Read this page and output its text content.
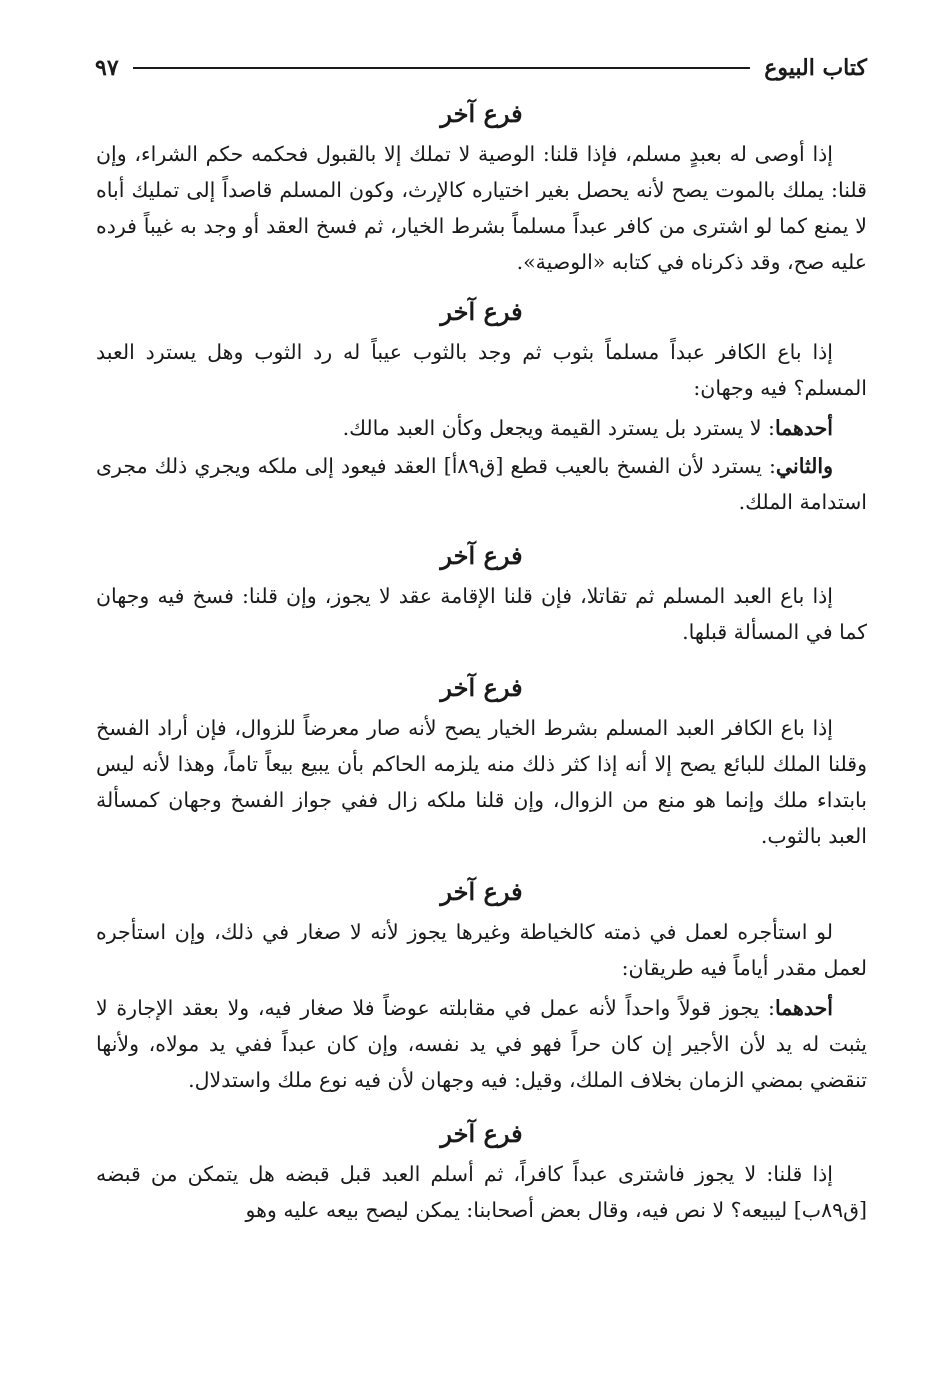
كتاب البيوع
٩٧
فرع آخر

إذا أوصى له بعبدٍ مسلم، فإذا قلنا: الوصية لا تملك إلا بالقبول فحكمه حكم الشراء، وإن قلنا: يملك بالموت يصح لأنه يحصل بغير اختياره كالإرث، وكون المسلم قاصداً إلى تمليك أباه لا يمنع كما لو اشترى من كافر عبداً مسلماً بشرط الخيار، ثم فسخ العقد أو وجد به غيباً فرده عليه صح، وقد ذكرناه في كتابه «الوصية».

فرع آخر

إذا باع الكافر عبداً مسلماً بثوب ثم وجد بالثوب عيباً له رد الثوب وهل يسترد العبد المسلم؟ فيه وجهان:

أحدهما: لا يسترد بل يسترد القيمة ويجعل وكأن العبد مالك.

والثاني: يسترد لأن الفسخ بالعيب قطع [ق٨٩أ] العقد فيعود إلى ملكه ويجري ذلك مجرى استدامة الملك.

فرع آخر

إذا باع العبد المسلم ثم تقاتلا، فإن قلنا الإقامة عقد لا يجوز، وإن قلنا: فسخ فيه وجهان كما في المسألة قبلها.

فرع آخر

إذا باع الكافر العبد المسلم بشرط الخيار يصح لأنه صار معرضاً للزوال، فإن أراد الفسخ وقلنا الملك للبائع يصح إلا أنه إذا كثر ذلك منه يلزمه الحاكم بأن يبيع بيعاً تاماً، وهذا لأنه ليس بابتداء ملك وإنما هو منع من الزوال، وإن قلنا ملكه زال ففي جواز الفسخ وجهان كمسألة العبد بالثوب.

فرع آخر

لو استأجره لعمل في ذمته كالخياطة وغيرها يجوز لأنه لا صغار في ذلك، وإن استأجره لعمل مقدر أياماً فيه طريقان:

أحدهما: يجوز قولاً واحداً لأنه عمل في مقابلته عوضاً فلا صغار فيه، ولا بعقد الإجارة لا يثبت له يد لأن الأجير إن كان حراً فهو في يد نفسه، وإن كان عبداً ففي يد مولاه، ولأنها تنقضي بمضي الزمان بخلاف الملك، وقيل: فيه وجهان لأن فيه نوع ملك واستدلال.

فرع آخر

إذا قلنا: لا يجوز فاشترى عبداً كافراً، ثم أسلم العبد قبل قبضه هل يتمكن من قبضه [ق٨٩ب] ليبيعه؟ لا نص فيه، وقال بعض أصحابنا: يمكن ليصح بيعه عليه وهو
